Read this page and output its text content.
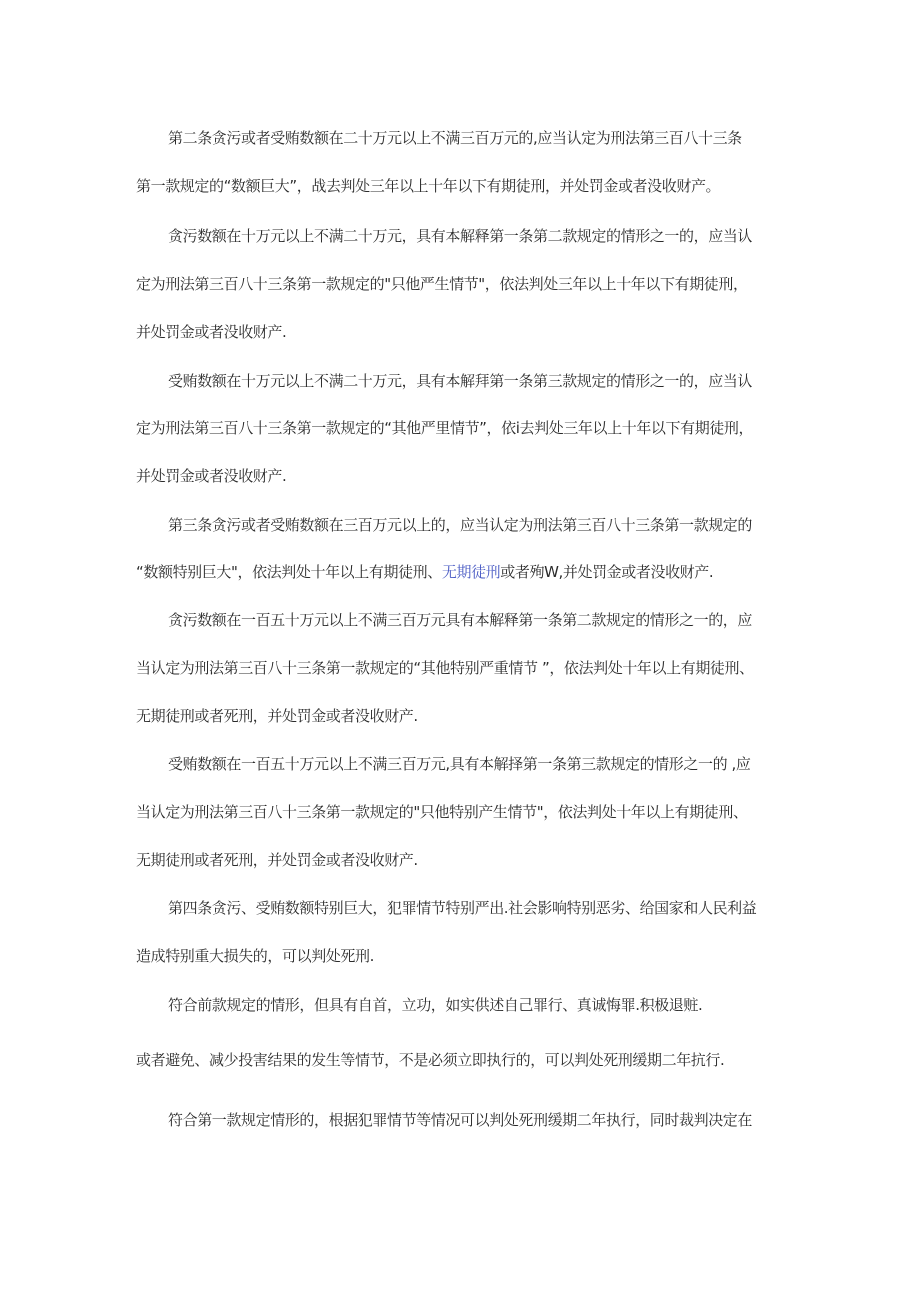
第二条贪污或者受贿数额在二十万元以上不满三百万元的,应当认定为刑法第三百八十三条
第一款规定的“数额巨大”，战去判处三年以上十年以下有期徒刑，并处罚金或者没收财产。
贪污数额在十万元以上不满二十万元，具有本解释第一条第二款规定的情形之一的，应当认
定为刑法第三百八十三条第一款规定的"只他严生情节"，依法判处三年以上十年以下有期徒刑，
并处罚金或者没收财产.
受贿数额在十万元以上不满二十万元，具有本解拜第一条第三款规定的情形之一的，应当认
定为刑法第三百八十三条第一款规定的“其他严里情节”，依i去判处三年以上十年以下有期徒刑，
并处罚金或者没收财产.
第三条贪污或者受贿数额在三百万元以上的，应当认定为刑法第三百八十三条第一款规定的
“数额特别巨大"，依法判处十年以上有期徒刑、无期徒刑或者殉W,并处罚金或者没收财产.
贪污数额在一百五十万元以上不满三百万元具有本解释第一条第二款规定的情形之一的，应
当认定为刑法第三百八十三条第一款规定的“其他特别严重情节 ”，依法判处十年以上有期徒刑、
无期徒刑或者死刑，并处罚金或者没收财产.
受贿数额在一百五十万元以上不满三百万元,具有本解择第一条第三款规定的情形之一的 ,应
当认定为刑法第三百八十三条第一款规定的"只他特别产生情节"，依法判处十年以上有期徒刑、
无期徒刑或者死刑，并处罚金或者没收财产.
第四条贪污、受贿数额特别巨大，犯罪情节特别严出.社会影响特别恶劣、给国家和人民利益
造成特别重大损失的，可以判处死刑.
符合前款规定的情形，但具有自首，立功，如实供述自己罪行、真诚悔罪.积极退赃.
或者避免、减少投害结果的发生等情节，不是必须立即执行的，可以判处死刑缓期二年抗行.
符合第一款规定情形的，根据犯罪情节等情况可以判处死刑缓期二年执行，同时裁判决定在
